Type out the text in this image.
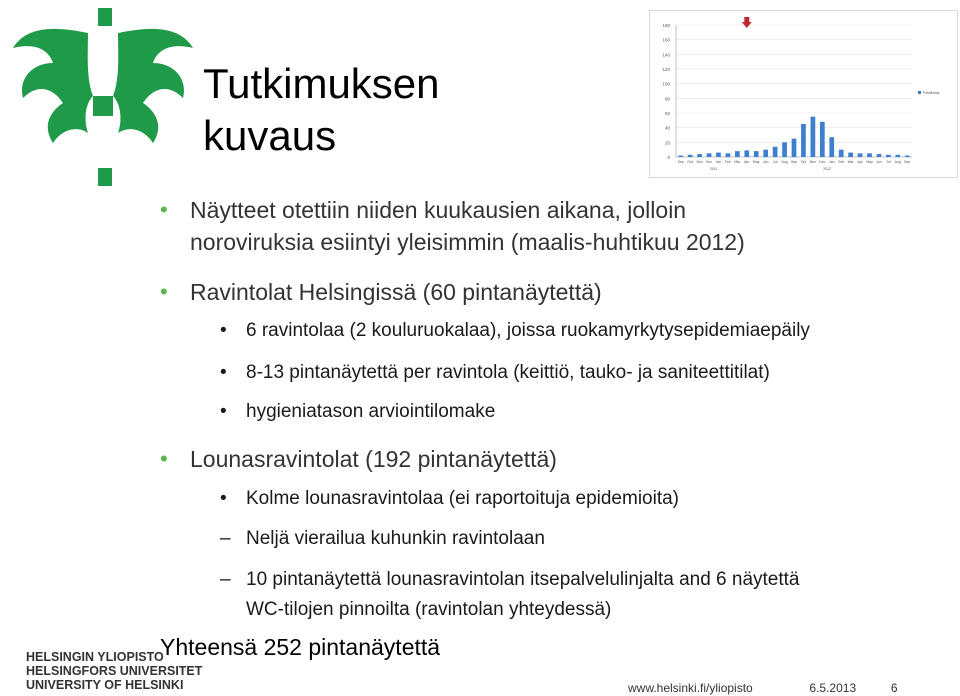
Tutkimuksen
kuvaus
180
160
140
120
100
80
60
40
20
0
Sep Oct Nov Dec Jan Feb Mar Apr May Jun Jul Aug Sep Oct Nov Dec Jan Feb Mar Apr May Jun Jul Aug Sep
2011	2012
Positiivisia
• Näytteet otettiin niiden kuukausien aikana, jolloin
noroviruksia esiintyi yleisimmin (maalis-huhtikuu 2012)
• Ravintolat Helsingissä (60 pintanäytettä)
• 6 ravintolaa (2 kouluruokalaa), joissa ruokamyrkytysepidemiaepäily
• 8-13 pintanäytettä per ravintola (keittiö, tauko- ja saniteettitilat)
• hygieniatason arviointilomake
• Lounasravintolat (192 pintanäytettä)
• Kolme lounasravintolaa (ei raportoituja epidemioita)
– Neljä vierailua kuhunkin ravintolaan
– 10 pintanäytettä lounasravintolan itsepalvelulinjalta and 6 näytettä
WC-tilojen pinnoilta (ravintolan yhteydessä)
Yhteensä 252 pintanäytettä
HELSINGIN YLIOPISTO
HELSINGFORS UNIVERSITET
UNIVERSITY OF HELSINKI	www.helsinki.fi/yliopisto	6.5.2013	6
